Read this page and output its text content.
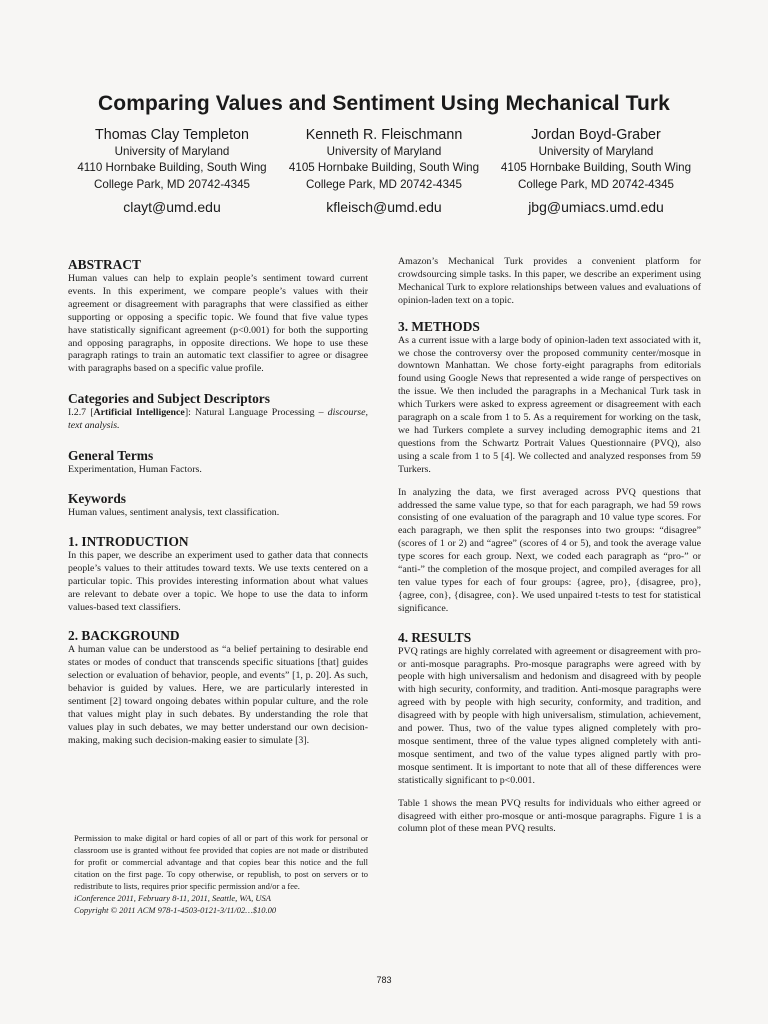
Comparing Values and Sentiment Using Mechanical Turk
Thomas Clay Templeton
University of Maryland
4110 Hornbake Building, South Wing
College Park, MD 20742-4345
clayt@umd.edu
Kenneth R. Fleischmann
University of Maryland
4105 Hornbake Building, South Wing
College Park, MD 20742-4345
kfleisch@umd.edu
Jordan Boyd-Graber
University of Maryland
4105 Hornbake Building, South Wing
College Park, MD 20742-4345
jbg@umiacs.umd.edu
ABSTRACT

Human values can help to explain people’s sentiment toward current events. In this experiment, we compare people’s values with their agreement or disagreement with paragraphs that were classified as either supporting or opposing a specific topic. We found that five value types have statistically significant agreement (p<0.001) for both the supporting and opposing paragraphs, in opposite directions. We hope to use these paragraph ratings to train an automatic text classifier to agree or disagree with paragraphs based on a specific value profile.

Categories and Subject Descriptors

I.2.7 [Artificial Intelligence]: Natural Language Processing – discourse, text analysis.

General Terms

Experimentation, Human Factors.

Keywords

Human values, sentiment analysis, text classification.

1. INTRODUCTION

In this paper, we describe an experiment used to gather data that connects people’s values to their attitudes toward texts. We use texts centered on a particular topic. This provides interesting information about what values are relevant to debate over a topic. We hope to use the data to inform values-based text classifiers.

2. BACKGROUND

A human value can be understood as “a belief pertaining to desirable end states or modes of conduct that transcends specific situations [that] guides selection or evaluation of behavior, people, and events” [1, p. 20]. As such, behavior is guided by values. Here, we are particularly interested in sentiment [2] toward ongoing debates within popular culture, and the role that values might play in such debates. By understanding the role that values play in such debates, we may better understand our own decision-making, making such decision-making easier to simulate [3].

Permission to make digital or hard copies of all or part of this work for personal or classroom use is granted without fee provided that copies are not made or distributed for profit or commercial advantage and that copies bear this notice and the full citation on the first page. To copy otherwise, or republish, to post on servers or to redistribute to lists, requires prior specific permission and/or a fee.

iConference 2011, February 8-11, 2011, Seattle, WA, USA

Copyright © 2011 ACM 978-1-4503-0121-3/11/02…$10.00

Amazon’s Mechanical Turk provides a convenient platform for crowdsourcing simple tasks. In this paper, we describe an experiment using Mechanical Turk to explore relationships between values and evaluations of opinion-laden text on a topic.

3. METHODS

As a current issue with a large body of opinion-laden text associated with it, we chose the controversy over the proposed community center/mosque in downtown Manhattan. We chose forty-eight paragraphs from editorials found using Google News that represented a wide range of perspectives on the issue. We then included the paragraphs in a Mechanical Turk task in which Turkers were asked to express agreement or disagreement with each paragraph on a scale from 1 to 5. As a requirement for working on the task, we had Turkers complete a survey including demographic items and 21 questions from the Schwartz Portrait Values Questionnaire (PVQ), also using a scale from 1 to 5 [4]. We collected and analyzed responses from 59 Turkers.

In analyzing the data, we first averaged across PVQ questions that addressed the same value type, so that for each paragraph, we had 59 rows consisting of one evaluation of the paragraph and 10 value type scores. For each paragraph, we then split the responses into two groups: “disagree” (scores of 1 or 2) and “agree” (scores of 4 or 5), and took the average value type scores for each group. Next, we coded each paragraph as “pro-” or “anti-” the completion of the mosque project, and compiled averages for all ten value types for each of four groups: {agree, pro}, {disagree, pro}, {agree, con}, {disagree, con}. We used unpaired t-tests to test for statistical significance.

4. RESULTS

PVQ ratings are highly correlated with agreement or disagreement with pro- or anti-mosque paragraphs. Pro-mosque paragraphs were agreed with by people with high universalism and hedonism and disagreed with by people with high security, conformity, and tradition. Anti-mosque paragraphs were agreed with by people with high security, conformity, and tradition, and disagreed with by people with high universalism, stimulation, achievement, and power. Thus, two of the value types aligned completely with pro-mosque sentiment, three of the value types aligned completely with anti-mosque sentiment, and two of the value types aligned partly with pro-mosque sentiment. It is important to note that all of these differences were statistically significant to p<0.001.

Table 1 shows the mean PVQ results for individuals who either agreed or disagreed with either pro-mosque or anti-mosque paragraphs. Figure 1 is a column plot of these mean PVQ results.

783
